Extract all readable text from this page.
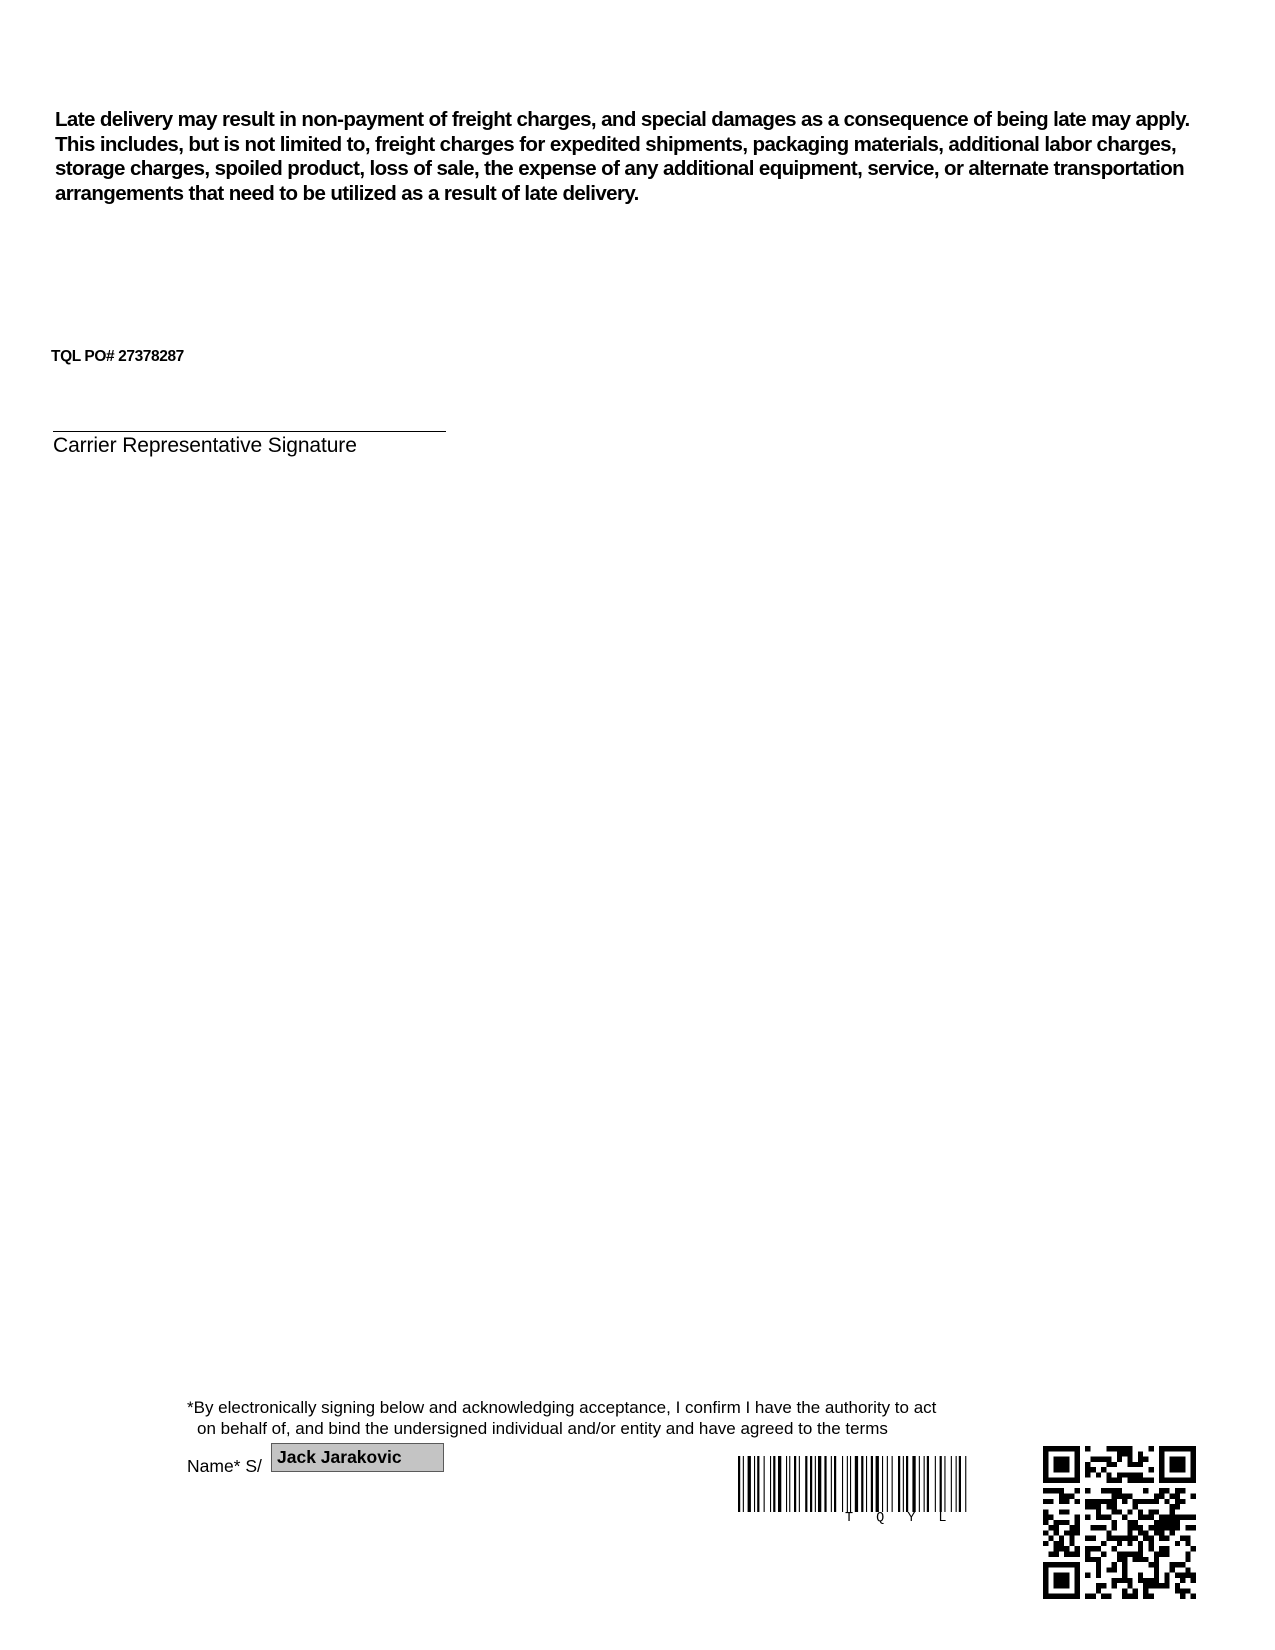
Late delivery may result in non-payment of freight charges, and special damages as a consequence of being late may apply. This includes, but is not limited to, freight charges for expedited shipments, packaging materials, additional labor charges, storage charges, spoiled product, loss of sale, the expense of any additional equipment, service, or alternate transportation arrangements that need to be utilized as a result of late delivery.
TQL PO# 27378287
Carrier Representative Signature
*By electronically signing below and acknowledging acceptance, I confirm I have the authority to act
on behalf of, and bind the undersigned individual and/or entity and have agreed to the terms
Name* S/ Jack Jarakovic
T Q Y L
